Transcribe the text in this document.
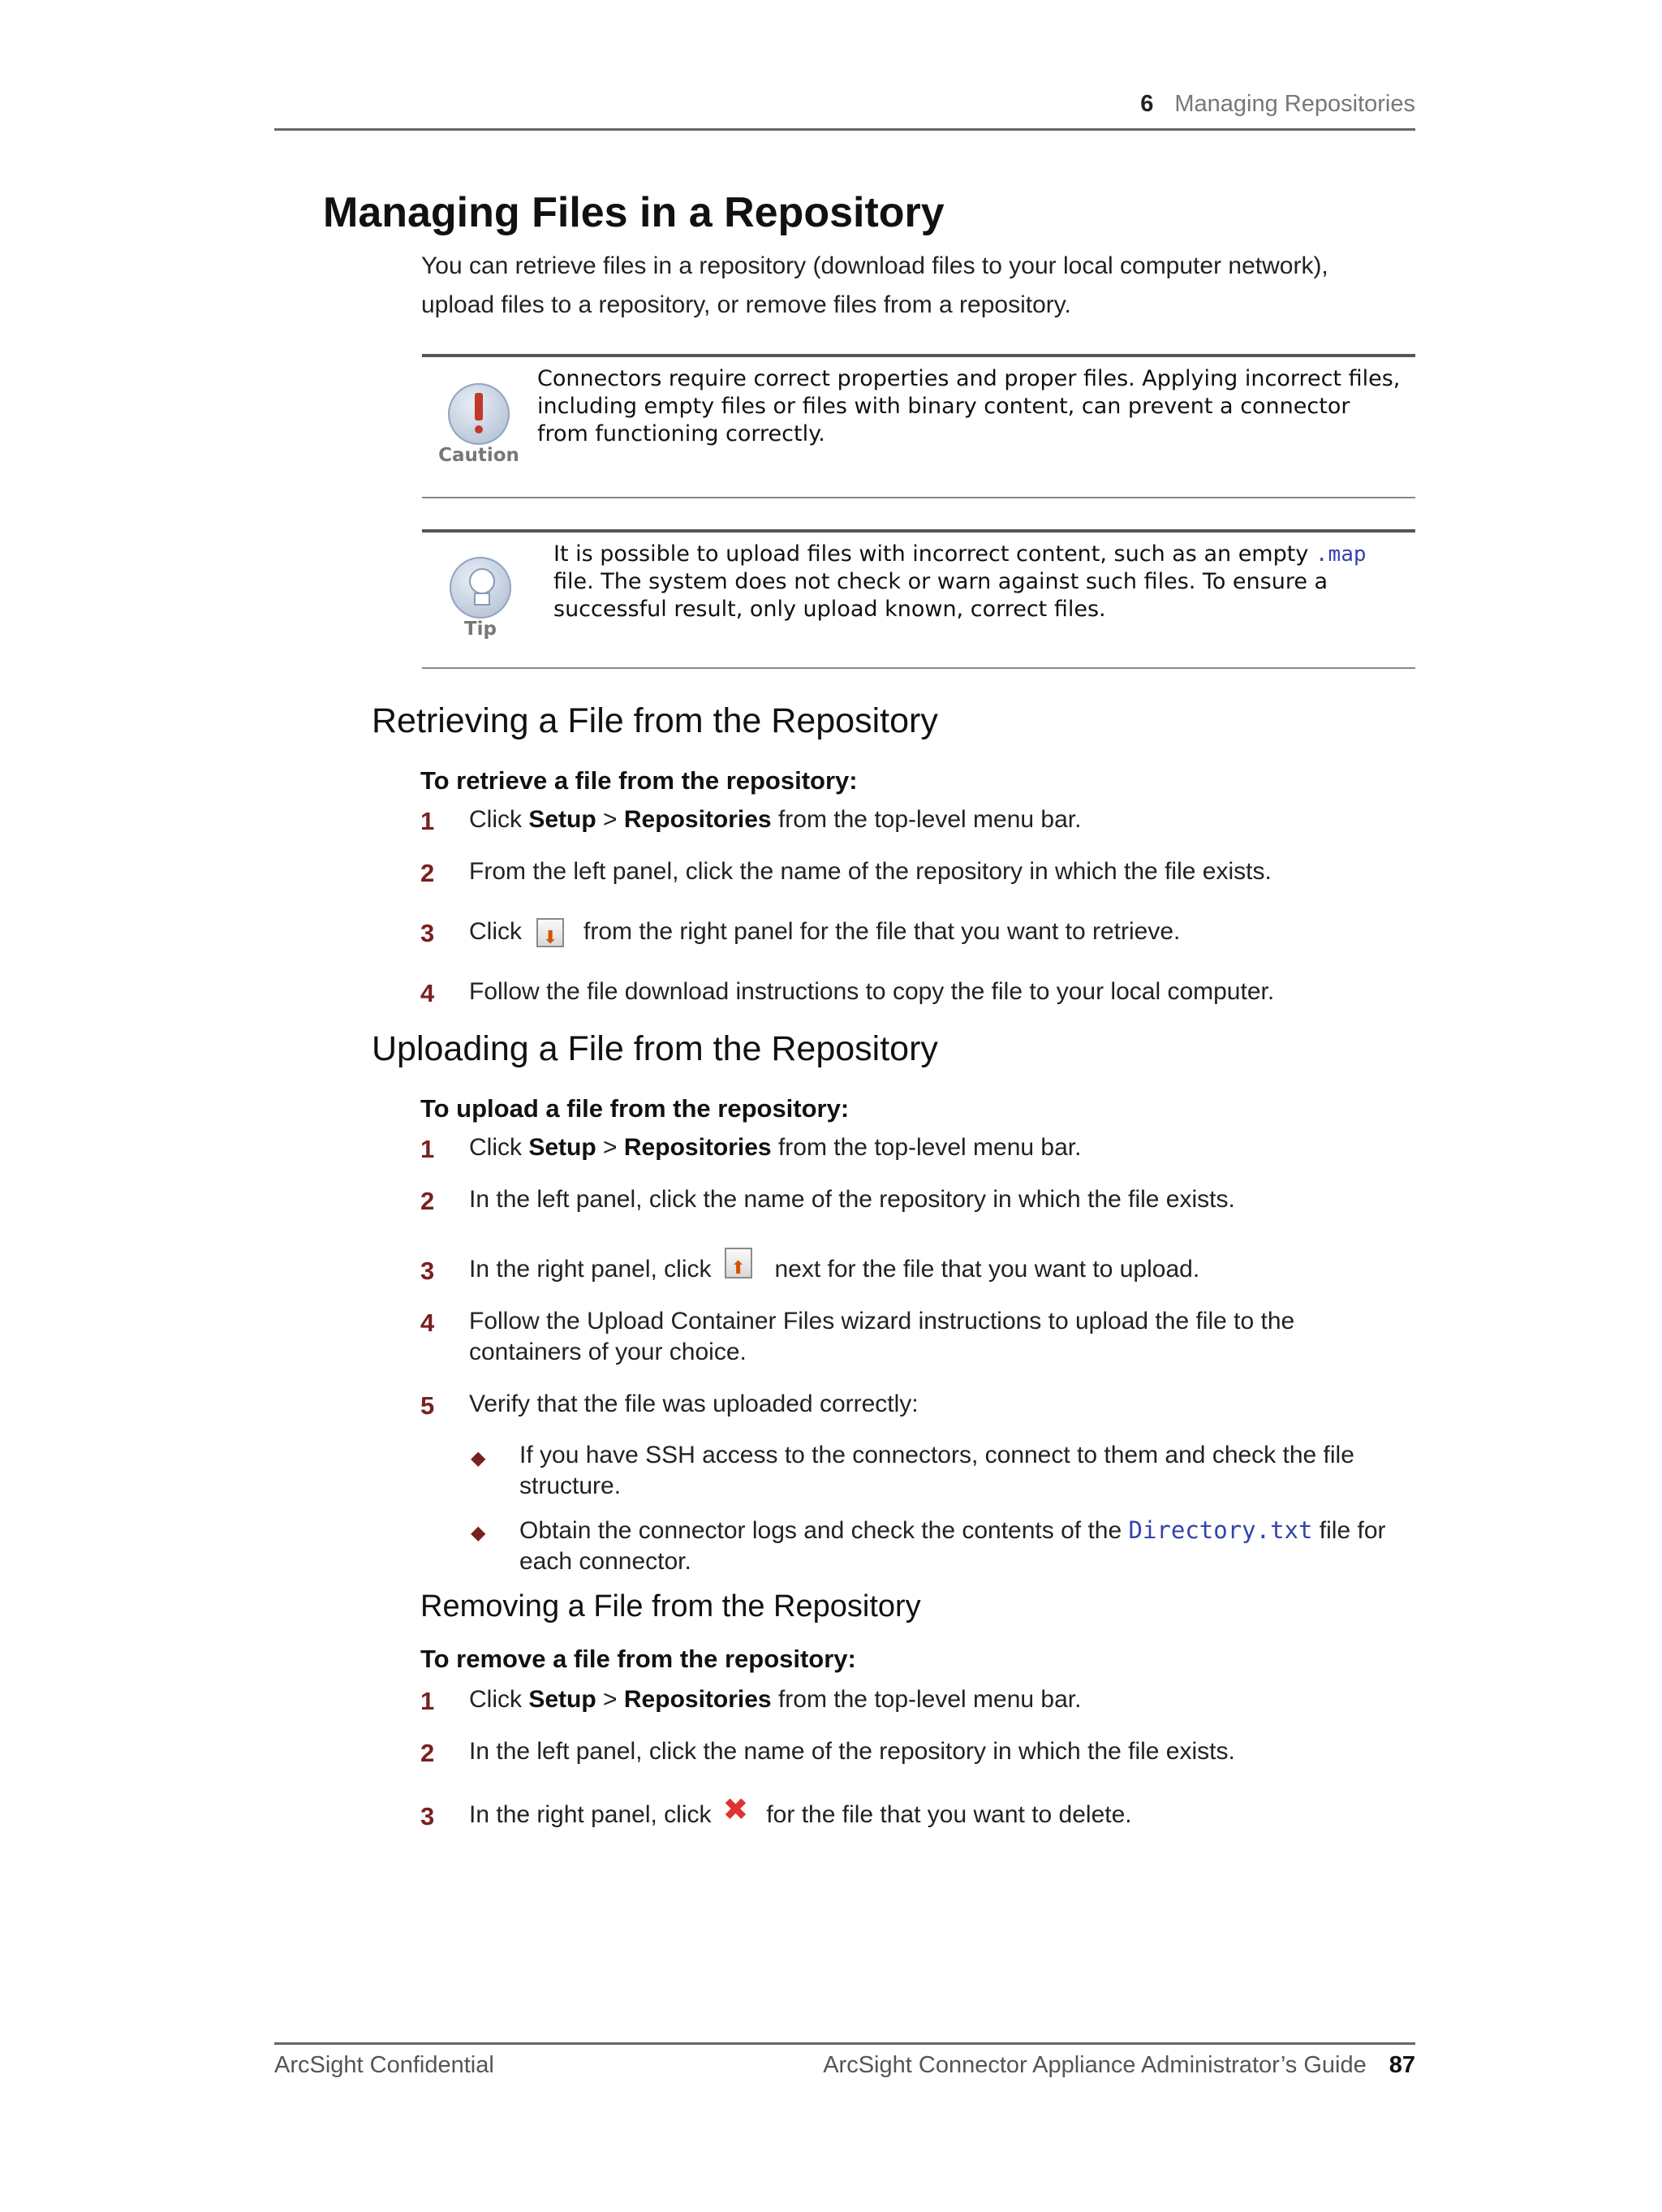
6 Managing Repositories
Managing Files in a Repository
You can retrieve files in a repository (download files to your local computer network),
upload files to a repository, or remove files from a repository.
Caution
Connectors require correct properties and proper files. Applying incorrect files,
including empty files or files with binary content, can prevent a connector
from functioning correctly.
Tip
It is possible to upload files with incorrect content, such as an empty .map
file. The system does not check or warn against such files. To ensure a
successful result, only upload known, correct files.
Retrieving a File from the Repository
To retrieve a file from the repository:
1	Click Setup > Repositories from the top-level menu bar.
2	From the left panel, click the name of the repository in which the file exists.
3	Click ⬇	from the right panel for the file that you want to retrieve.
4	Follow the file download instructions to copy the file to your local computer.
Uploading a File from the Repository
To upload a file from the repository:
1	Click Setup > Repositories from the top-level menu bar.
2	In the left panel, click the name of the repository in which the file exists.
3	In the right panel, click ⬆	next for the file that you want to upload.
4	Follow the Upload Container Files wizard instructions to upload the file to the
containers of your choice.
5	Verify that the file was uploaded correctly:
◆ If you have SSH access to the connectors, connect to them and check the file
structure.
◆ Obtain the connector logs and check the contents of the Directory.txt file for
each connector.
Removing a File from the Repository
To remove a file from the repository:
1	Click Setup > Repositories from the top-level menu bar.
2	In the left panel, click the name of the repository in which the file exists.
3	In the right panel, click ✖ for the file that you want to delete.
ArcSight Confidential	ArcSight Connector Appliance Administrator’s Guide 87
